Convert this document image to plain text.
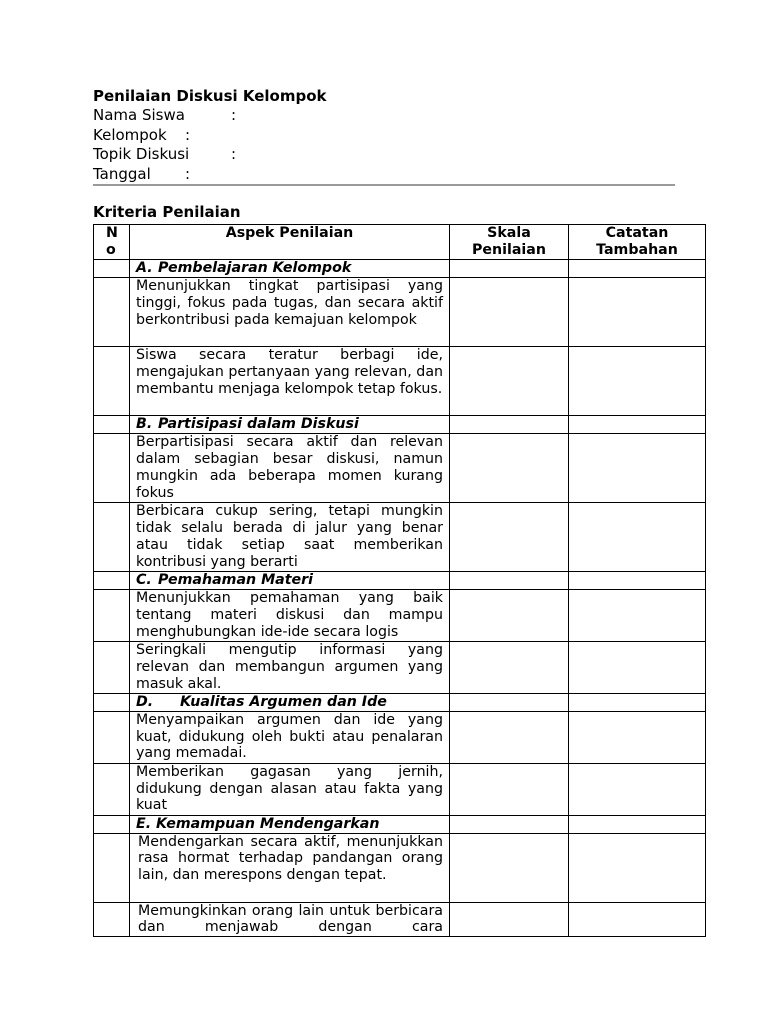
Penilaian Diskusi Kelompok
Nama Siswa	:
Kelompok :
Topik Diskusi	:
Tanggal :
Kriteria Penilaian
N o	Aspek Penilaian	Skala Penilaian	Catatan Tambahan
	A. Pembelajaran Kelompok		
	Menunjukkan tingkat partisipasi yang tinggi, fokus pada tugas, dan secara aktif berkontribusi pada kemajuan kelompok		
	Siswa secara teratur berbagi ide, mengajukan pertanyaan yang relevan, dan membantu menjaga kelompok tetap fokus.		
	B. Partisipasi dalam Diskusi		
	Berpartisipasi secara aktif dan relevan dalam sebagian besar diskusi, namun mungkin ada beberapa momen kurang fokus		
	Berbicara cukup sering, tetapi mungkin tidak selalu berada di jalur yang benar atau tidak setiap saat memberikan kontribusi yang berarti		
	C. Pemahaman Materi		
	Menunjukkan pemahaman yang baik tentang materi diskusi dan mampu menghubungkan ide-ide secara logis		
	Seringkali mengutip informasi yang relevan dan membangun argumen yang masuk akal.		
	D. Kualitas Argumen dan Ide		
	Menyampaikan argumen dan ide yang kuat, didukung oleh bukti atau penalaran yang memadai.		
	Memberikan gagasan yang jernih, didukung dengan alasan atau fakta yang kuat		
	E. Kemampuan Mendengarkan		
	Mendengarkan secara aktif, menunjukkan rasa hormat terhadap pandangan orang lain, dan merespons dengan tepat.		
	Memungkinkan orang lain untuk berbicara dan menjawab dengan cara		
